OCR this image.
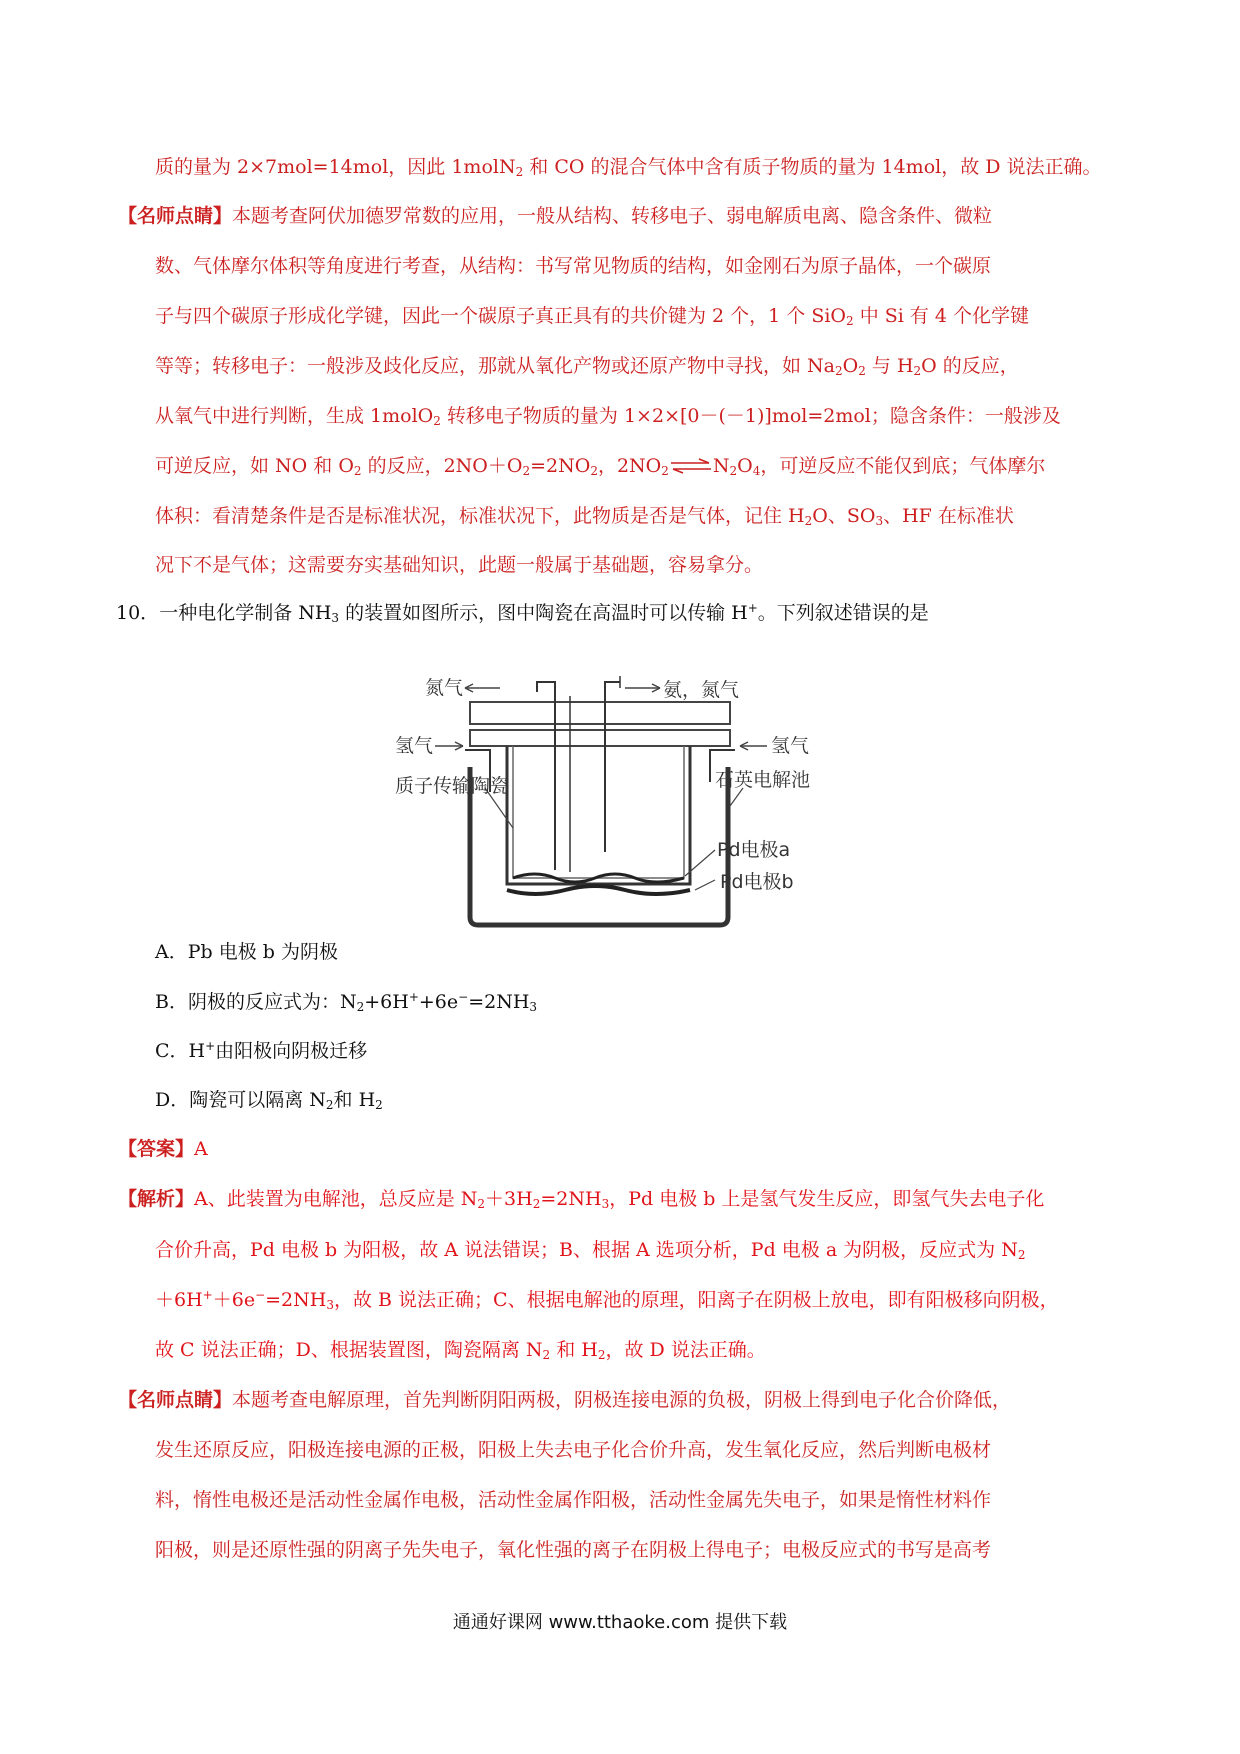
质的量为 2×7mol=14mol，因此 1molN$_2$ 和 CO 的混合气体中含有质子物质的量为 14mol，故 D 说法正确。
【名师点睛】本题考查阿伏加德罗常数的应用，一般从结构、转移电子、弱电解质电离、隐含条件、微粒
数、气体摩尔体积等角度进行考查，从结构：书写常见物质的结构，如金刚石为原子晶体，一个碳原
子与四个碳原子形成化学键，因此一个碳原子真正具有的共价键为 2 个，1 个 SiO$_2$ 中 Si 有 4 个化学键
等等；转移电子：一般涉及歧化反应，那就从氧化产物或还原产物中寻找，如 $Na_2O_2$ 与 $H_2O$ 的反应，
从氧气中进行判断，生成 1molO$_2$ 转移电子物质的量为 1×2×[0－(－1)]mol=2mol；隐含条件：一般涉及
可逆反应，如 NO 和 $O_2$ 的反应，$2NO+O_2=2NO_2$，$2NO_2\rightleftharpoons N_2O_4$，可逆反应不能仅到底；气体摩尔
体积：看清楚条件是否是标准状况，标准状况下，此物质是否是气体，记住 $H_2O$、$SO_3$、HF 在标准状
况下不是气体；这需要夯实基础知识，此题一般属于基础题，容易拿分。
10．一种电化学制备 $NH_3$ 的装置如图所示，图中陶瓷在高温时可以传输 H+。下列叙述错误的是
氮气	氨，氮气
氢气	氢气
质子传输陶瓷	石英电解池
Pd电极a
Pd电极b
A．Pb 电极 b 为阴极
B．阴极的反应式为：$N_2+6H^++6e^-=2NH_3$
C．H+由阳极向阴极迁移
D．陶瓷可以隔离 $N_2$和 $H_2$
【答案】A
【解析】A、此装置为电解池，总反应是 $N_2+3H_2=2NH_3$，Pd 电极 b 上是氢气发生反应，即氢气失去电子化
合价升高，Pd 电极 b 为阳极，故 A 说法错误；B、根据 A 选项分析，Pd 电极 a 为阴极，反应式为 $N_2$
$+6H^++6e^-=2NH_3$，故 B 说法正确；C、根据电解池的原理，阳离子在阴极上放电，即有阳极移向阴极，
故 C 说法正确；D、根据装置图，陶瓷隔离 $N_2$ 和 $H_2$，故 D 说法正确。
【名师点睛】本题考查电解原理，首先判断阴阳两极，阴极连接电源的负极，阴极上得到电子化合价降低，
发生还原反应，阳极连接电源的正极，阳极上失去电子化合价升高，发生氧化反应，然后判断电极材
料，惰性电极还是活动性金属作电极，活动性金属作阳极，活动性金属先失电子，如果是惰性材料作
阳极，则是还原性强的阴离子先失电子，氧化性强的离子在阴极上得电子；电极反应式的书写是高考
通通好课网 www.tthaoke.com 提供下载
